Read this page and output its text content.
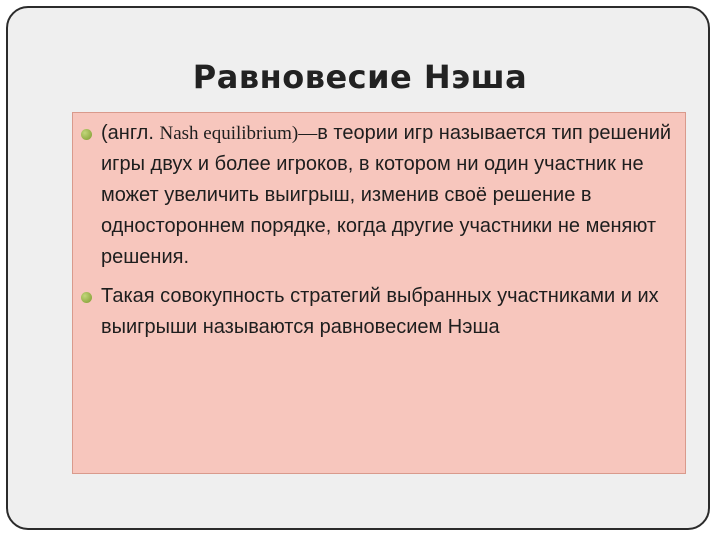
Равновесие Нэша
(англ. Nash equilibrium)—в теории игр называется тип решений игры двух и более игроков, в котором ни один участник не может увеличить выигрыш, изменив своё решение в одностороннем порядке, когда другие участники не меняют решения.
Такая совокупность стратегий выбранных участниками и их выигрыши называются равновесием Нэша
